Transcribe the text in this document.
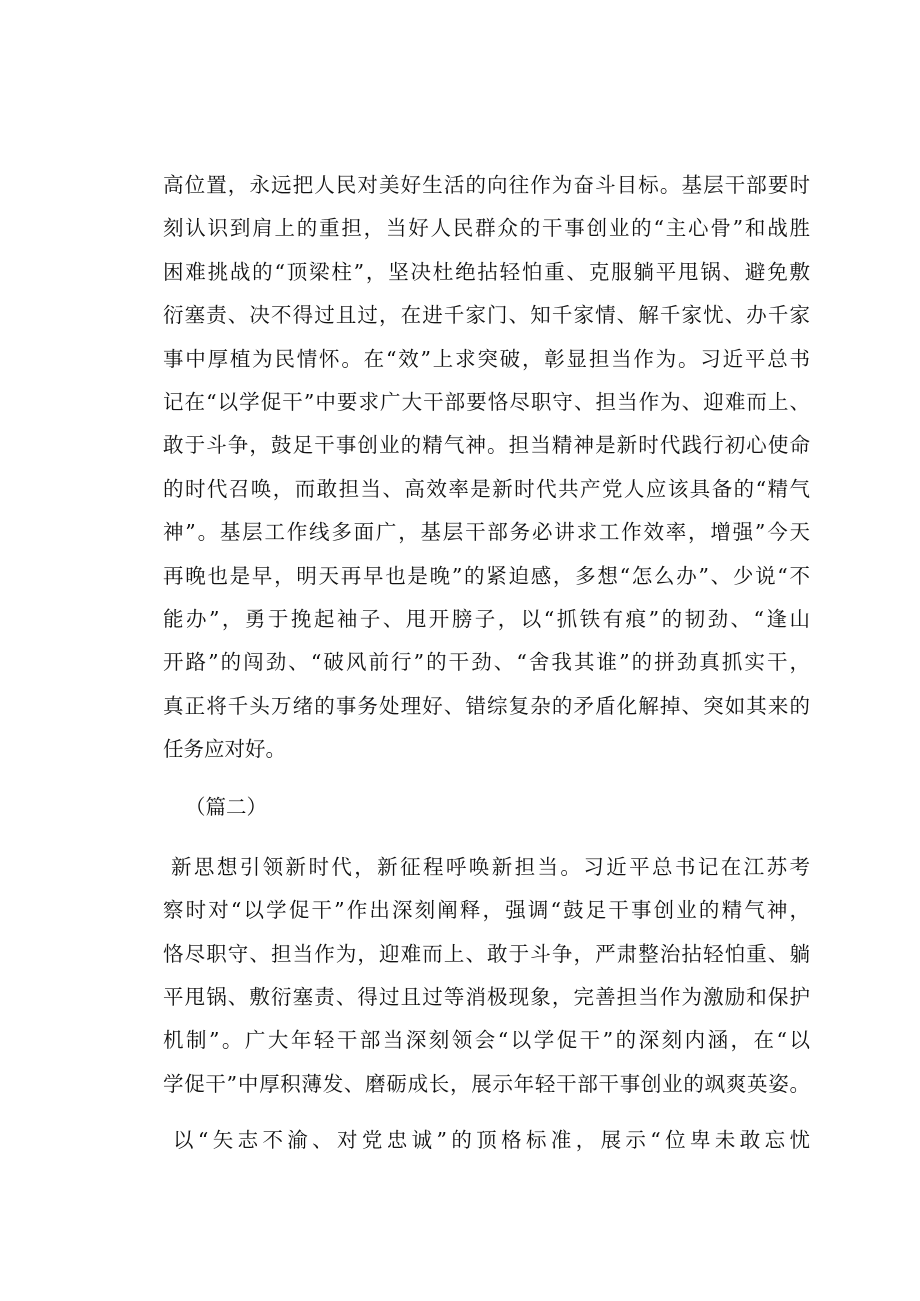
高位置，永远把人民对美好生活的向往作为奋斗目标。基层干部要时
刻认识到肩上的重担，当好人民群众的干事创业的“主心骨”和战胜
困难挑战的“顶梁柱”，坚决杜绝拈轻怕重、克服躺平甩锅、避免敷
衍塞责、决不得过且过，在进千家门、知千家情、解千家忧、办千家
事中厚植为民情怀。在“效”上求突破，彰显担当作为。习近平总书
记在“以学促干”中要求广大干部要恪尽职守、担当作为、迎难而上、
敢于斗争，鼓足干事创业的精气神。担当精神是新时代践行初心使命
的时代召唤，而敢担当、高效率是新时代共产党人应该具备的“精气
神”。基层工作线多面广，基层干部务必讲求工作效率，增强”今天
再晚也是早，明天再早也是晚”的紧迫感，多想“怎么办”、少说“不
能办”，勇于挽起袖子、甩开膀子，以“抓铁有痕”的韧劲、“逢山
开路”的闯劲、“破风前行”的干劲、“舍我其谁”的拼劲真抓实干，
真正将千头万绪的事务处理好、错综复杂的矛盾化解掉、突如其来的
任务应对好。
（篇二）
新思想引领新时代，新征程呼唤新担当。习近平总书记在江苏考
察时对“以学促干”作出深刻阐释，强调“鼓足干事创业的精气神，
恪尽职守、担当作为，迎难而上、敢于斗争，严肃整治拈轻怕重、躺
平甩锅、敷衍塞责、得过且过等消极现象，完善担当作为激励和保护
机制”。广大年轻干部当深刻领会“以学促干”的深刻内涵，在“以
学促干”中厚积薄发、磨砺成长，展示年轻干部干事创业的飒爽英姿。
以“矢志不渝、对党忠诚”的顶格标准，展示“位卑未敢忘忧
